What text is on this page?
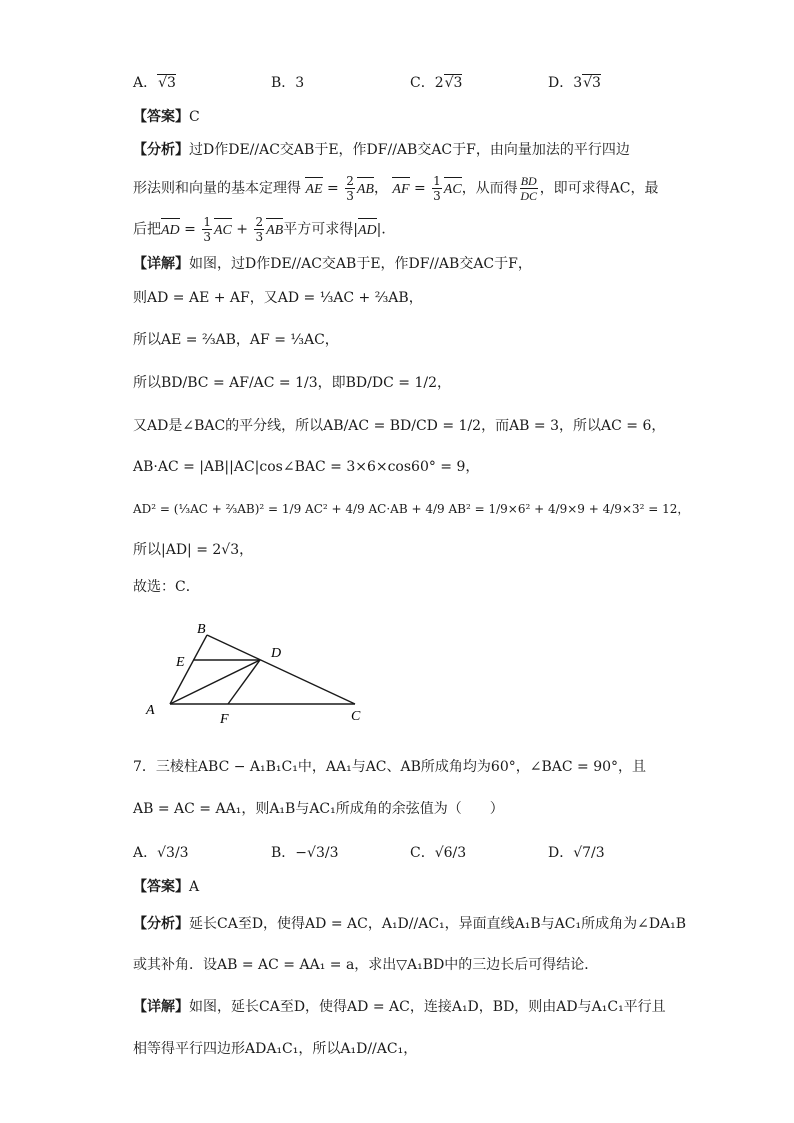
A．√3	B．3	C．2√3	D．3√3
【答案】C
【分析】过D作DE//AC交AB于E，作DF//AB交AC于F，由向量加法的平行四边
形法则和向量的基本定理得 AE = $\frac{2}{3}$ AB， AF = $\frac{1}{3}$ AC，从而得 $\frac{BD}{DC}$ ，即可求得AC，最
后把AD = $\frac{1}{3}$ AC + $\frac{2}{3}$ AB平方可求得|AD|．
【详解】如图，过D作DE//AC交AB于E，作DF//AB交AC于F，
则AD = AE + AF，又AD = ⅓AC + ⅔AB，
所以AE = ⅔AB，AF = ⅓AC，
所以BD/BC = AF/AC = 1/3，即BD/DC = 1/2，
又AD是∠BAC的平分线，所以AB/AC = BD/CD = 1/2，而AB = 3，所以AC = 6，
AB·AC = |AB||AC|cos∠BAC = 3×6×cos60° = 9，
AD² = (⅓AC + ⅔AB)² = 1/9 AC² + 4/9 AC·AB + 4/9 AB² = 1/9×6² + 4/9×9 + 4/9×3² = 12，
所以|AD| = 2√3，
故选：C．
B
E
D
A
F	C
7．三棱柱ABC − A₁B₁C₁中，AA₁与AC、AB所成角均为60°，∠BAC = 90°，且
AB = AC = AA₁，则A₁B与AC₁所成角的余弦值为（　　）
A．√3/3	B．−√3/3	C．√6/3	D．√7/3
【答案】A
【分析】延长CA至D，使得AD = AC，A₁D//AC₁，异面直线A₁B与AC₁所成角为∠DA₁B
或其补角．设AB = AC = AA₁ = a，求出▽A₁BD中的三边长后可得结论．
【详解】如图，延长CA至D，使得AD = AC，连接A₁D，BD，则由AD与A₁C₁平行且
相等得平行四边形ADA₁C₁，所以A₁D//AC₁，
